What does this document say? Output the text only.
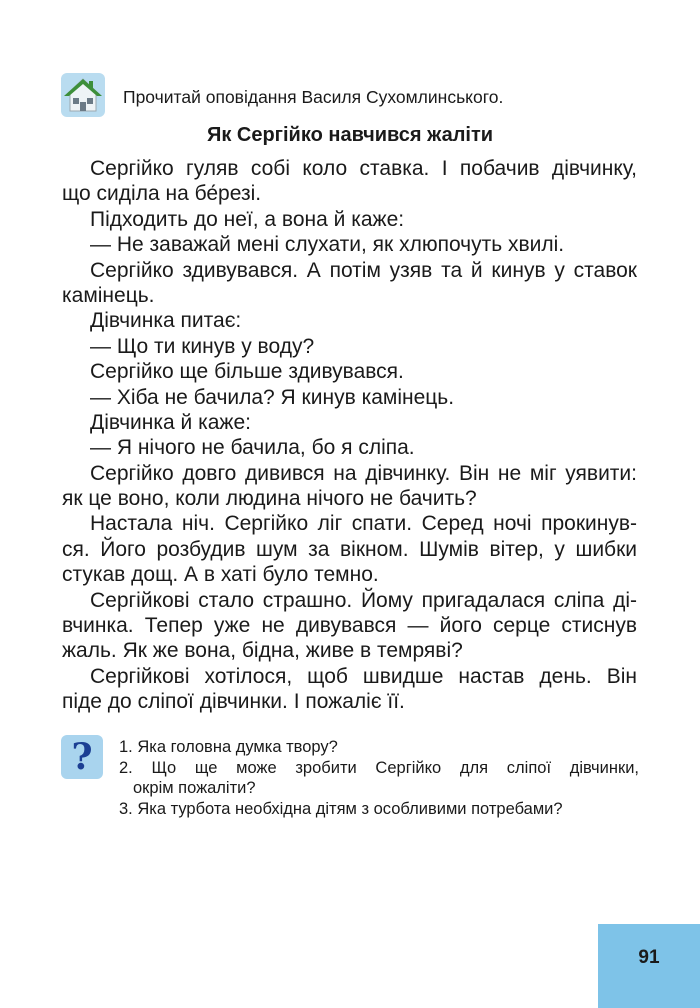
Прочитай оповідання Василя Сухомлинського.
Як Сергійко навчився жаліти
Сергійко гуляв собі коло ставка. І побачив дівчинку,
що сиділа на бе́резі.
Підходить до неї, а вона й каже:
— Не заважай мені слухати, як хлюпочуть хвилі.
Сергійко здивувався. А потім узяв та й кинув у ставок
камінець.
Дівчинка питає:
— Що ти кинув у воду?
Сергійко ще більше здивувався.
— Хіба не бачила? Я кинув камінець.
Дівчинка й каже:
— Я нічого не бачила, бо я сліпа.
Сергійко довго дивився на дівчинку. Він не міг уявити:
як це воно, коли людина нічого не бачить?
Настала ніч. Сергійко ліг спати. Серед ночі прокинув-
ся. Його розбудив шум за вікном. Шумів вітер, у шибки
стукав дощ. А в хаті було темно.
Сергійкові стало страшно. Йому пригадалася сліпа ді-
вчинка. Тепер уже не дивувався — його серце стиснув
жаль. Як же вона, бідна, живе в темряві?
Сергійкові хотілося, щоб швидше настав день. Він
піде до сліпої дівчинки. І пожаліє її.
?	1. Яка головна думка твору?
2. Що ще може зробити Сергійко для сліпої дівчинки,
окрім пожаліти?
3. Яка турбота необхідна дітям з особливими потребами?
91
